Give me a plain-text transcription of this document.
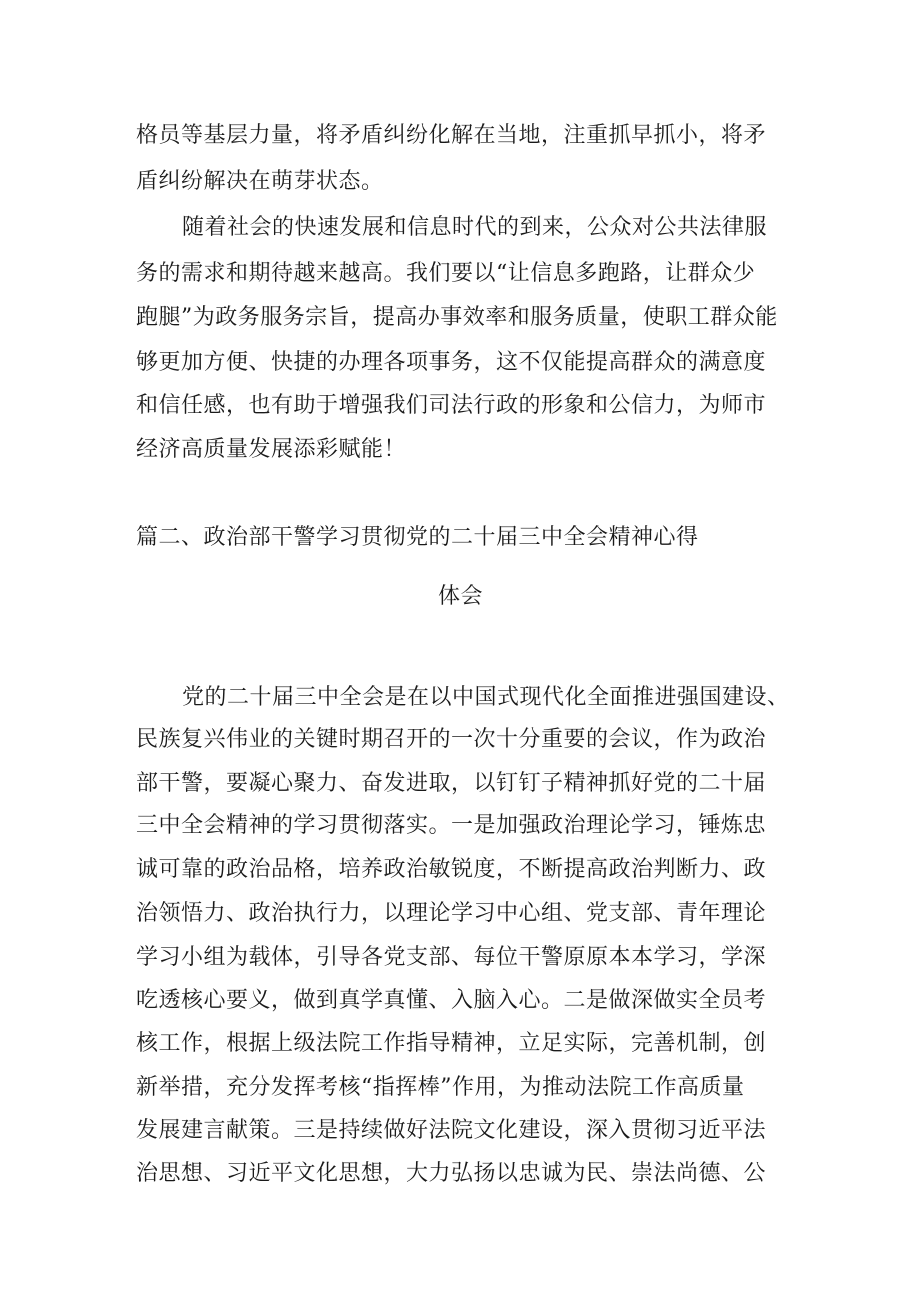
格员等基层力量，将矛盾纠纷化解在当地，注重抓早抓小，将矛
盾纠纷解决在萌芽状态。
随着社会的快速发展和信息时代的到来，公众对公共法律服
务的需求和期待越来越高。我们要以“让信息多跑路，让群众少
跑腿”为政务服务宗旨，提高办事效率和服务质量，使职工群众能
够更加方便、快捷的办理各项事务，这不仅能提高群众的满意度
和信任感，也有助于增强我们司法行政的形象和公信力，为师市
经济高质量发展添彩赋能！
篇二、政治部干警学习贯彻党的二十届三中全会精神心得
体会
党的二十届三中全会是在以中国式现代化全面推进强国建设、
民族复兴伟业的关键时期召开的一次十分重要的会议，作为政治
部干警，要凝心聚力、奋发进取，以钉钉子精神抓好党的二十届
三中全会精神的学习贯彻落实。一是加强政治理论学习，锤炼忠
诚可靠的政治品格，培养政治敏锐度，不断提高政治判断力、政
治领悟力、政治执行力，以理论学习中心组、党支部、青年理论
学习小组为载体，引导各党支部、每位干警原原本本学习，学深
吃透核心要义，做到真学真懂、入脑入心。二是做深做实全员考
核工作，根据上级法院工作指导精神，立足实际，完善机制，创
新举措，充分发挥考核“指挥棒”作用，为推动法院工作高质量
发展建言献策。三是持续做好法院文化建设，深入贯彻习近平法
治思想、习近平文化思想，大力弘扬以忠诚为民、崇法尚德、公
